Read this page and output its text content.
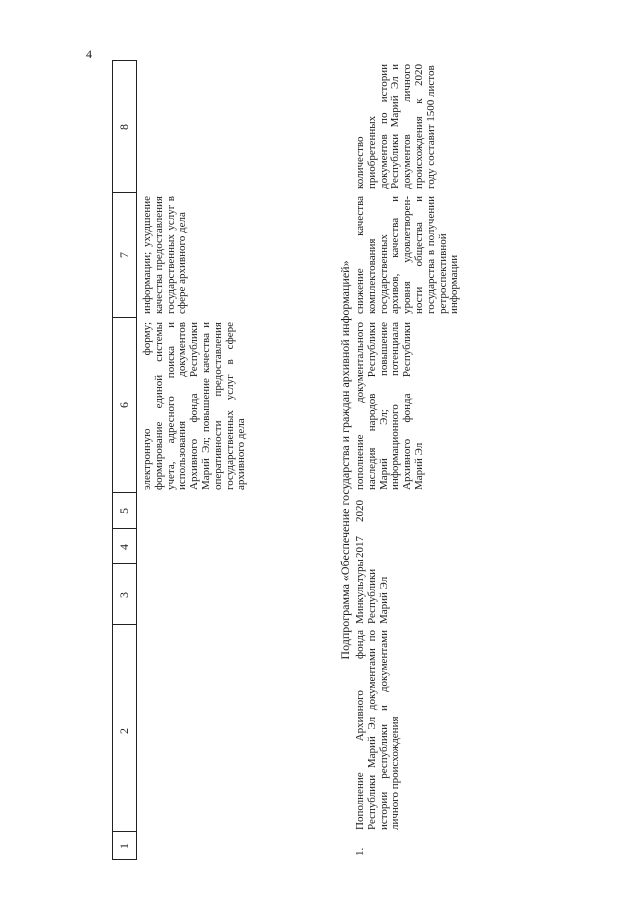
4
1
2
3
4
5
6
7
8

электронную форму; формирование единой системы учета, адресного поиска и использования документов Архивного фонда Республики Марий Эл; повышение качества и оперативности предоставления государственных услуг в сфере архивного дела

информации; ухудшение качества предоставления государственных услуг в сфере архивного дела	Подпрограмма «Обеспечение государства и граждан архивной информацией»
1.

Пополнение Архивного фонда Республики Марий Эл документами по истории республики и документами личного происхождения

Минкультуры Республики Марий Эл

2017
2020

пополнение документального наследия народов Республики Марий Эл; повышение информационного потенциала Архивного фонда Республики Марий Эл

снижение качества комплектования государственных архивов, качества и уровня удовлетворен-ности общества и государства в получении ретроспективной информации

количество приобретенных документов по истории Республики Марий Эл и документов личного происхождения к 2020 году составит 1500 листов
